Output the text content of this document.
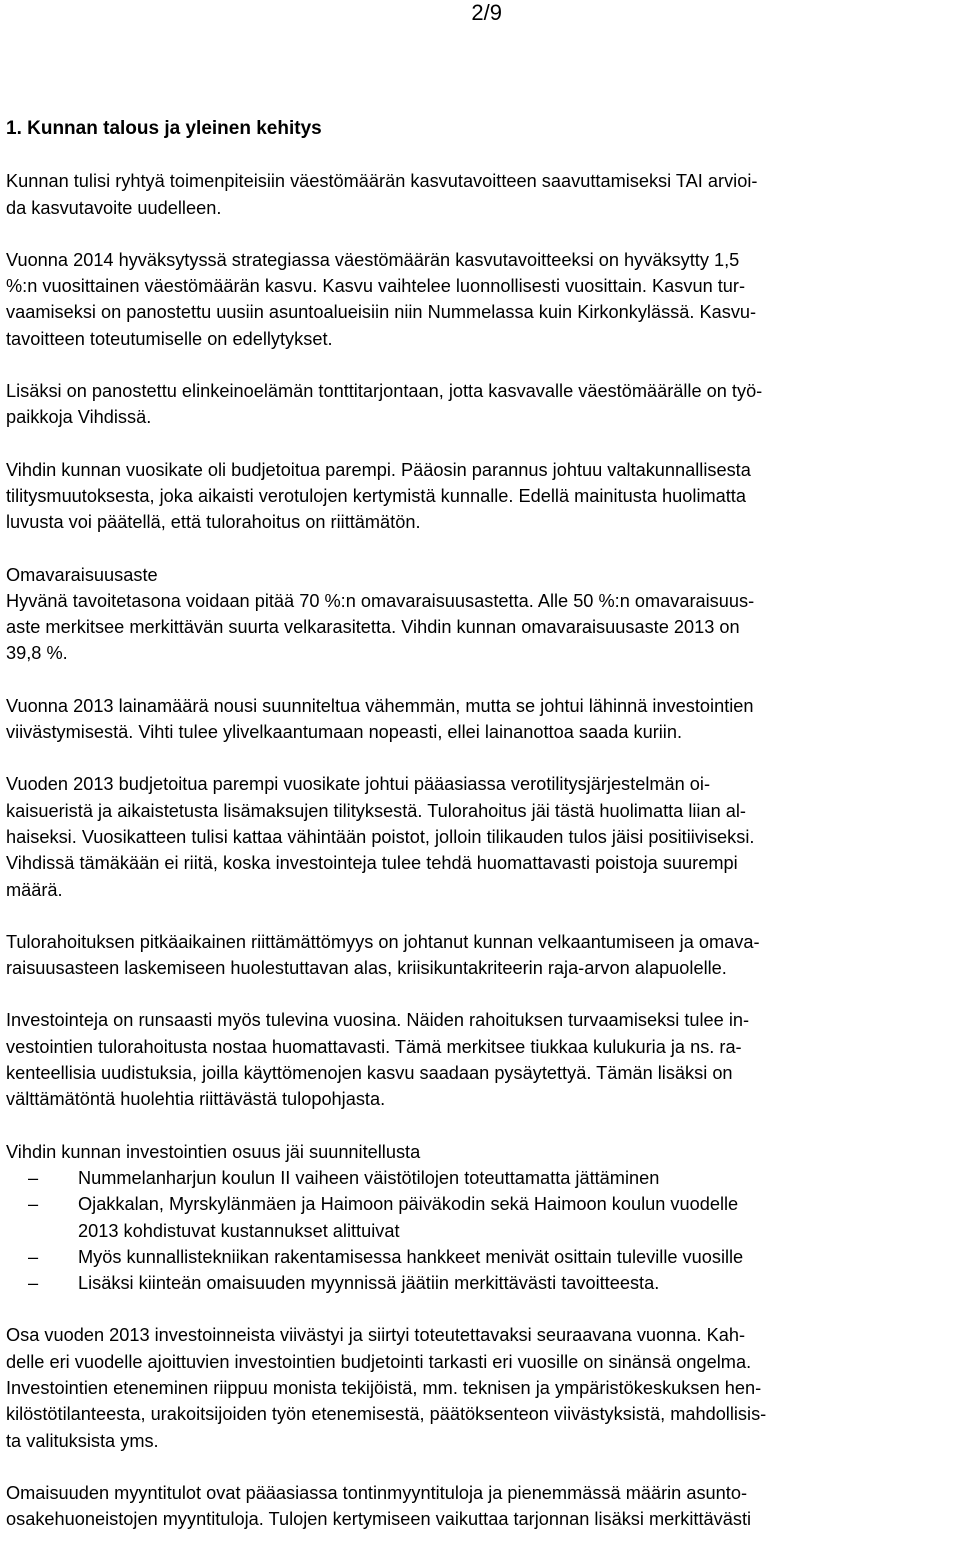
2/9
1. Kunnan talous ja yleinen kehitys
Kunnan tulisi ryhtyä toimenpiteisiin väestömäärän kasvutavoitteen saavuttamiseksi TAI arvioi-
da kasvutavoite uudelleen.
Vuonna 2014 hyväksytyssä strategiassa väestömäärän kasvutavoitteeksi on hyväksytty 1,5
%:n vuosittainen väestömäärän kasvu. Kasvu vaihtelee luonnollisesti vuosittain. Kasvun tur-
vaamiseksi on panostettu uusiin asuntoalueisiin niin Nummelassa kuin Kirkonkylässä. Kasvu-
tavoitteen toteutumiselle on edellytykset.
Lisäksi on panostettu elinkeinoelämän tonttitarjontaan, jotta kasvavalle väestömäärälle on työ-
paikkoja Vihdissä.
Vihdin kunnan vuosikate oli budjetoitua parempi. Pääosin parannus johtuu valtakunnallisesta
tilitysmuutoksesta, joka aikaisti verotulojen kertymistä kunnalle. Edellä mainitusta huolimatta
luvusta voi päätellä, että tulorahoitus on riittämätön.
Omavaraisuusaste
Hyvänä tavoitetasona voidaan pitää 70 %:n omavaraisuusastetta. Alle 50 %:n omavaraisuus-
aste merkitsee merkittävän suurta velkarasitetta. Vihdin kunnan omavaraisuusaste 2013 on
39,8 %.
Vuonna 2013 lainamäärä nousi suunniteltua vähemmän, mutta se johtui lähinnä investointien
viivästymisestä. Vihti tulee ylivelkaantumaan nopeasti, ellei lainanottoa saada kuriin.
Vuoden 2013 budjetoitua parempi vuosikate johtui pääasiassa verotilitysjärjestelmän oi-
kaisueristä ja aikaistetusta lisämaksujen tilityksestä. Tulorahoitus jäi tästä huolimatta liian al-
haiseksi. Vuosikatteen tulisi kattaa vähintään poistot, jolloin tilikauden tulos jäisi positiiviseksi.
Vihdissä tämäkään ei riitä, koska investointeja tulee tehdä huomattavasti poistoja suurempi
määrä.
Tulorahoituksen pitkäaikainen riittämättömyys on johtanut kunnan velkaantumiseen ja omava-
raisuusasteen laskemiseen huolestuttavan alas, kriisikuntakriteerin raja-arvon alapuolelle.
Investointeja on runsaasti myös tulevina vuosina. Näiden rahoituksen turvaamiseksi tulee in-
vestointien tulorahoitusta nostaa huomattavasti. Tämä merkitsee tiukkaa kulukuria ja ns. ra-
kenteellisia uudistuksia, joilla käyttömenojen kasvu saadaan pysäytettyä. Tämän lisäksi on
välttämätöntä huolehtia riittävästä tulopohjasta.
Vihdin kunnan investointien osuus jäi suunnitellusta
–	Nummelanharjun koulun II vaiheen väistötilojen toteuttamatta jättäminen
–	Ojakkalan, Myrskylänmäen ja Haimoon päiväkodin sekä Haimoon koulun vuodelle
2013 kohdistuvat kustannukset alittuivat
–	Myös kunnallistekniikan rakentamisessa hankkeet menivät osittain tuleville vuosille
–	Lisäksi kiinteän omaisuuden myynnissä jäätiin merkittävästi tavoitteesta.
Osa vuoden 2013 investoinneista viivästyi ja siirtyi toteutettavaksi seuraavana vuonna. Kah-
delle eri vuodelle ajoittuvien investointien budjetointi tarkasti eri vuosille on sinänsä ongelma.
Investointien eteneminen riippuu monista tekijöistä, mm. teknisen ja ympäristökeskuksen hen-
kilöstötilanteesta, urakoitsijoiden työn etenemisestä, päätöksenteon viivästyksistä, mahdollisis-
ta valituksista yms.
Omaisuuden myyntitulot ovat pääasiassa tontinmyyntituloja ja pienemmässä määrin asunto-
osakehuoneistojen myyntituloja. Tulojen kertymiseen vaikuttaa tarjonnan lisäksi merkittävästi
